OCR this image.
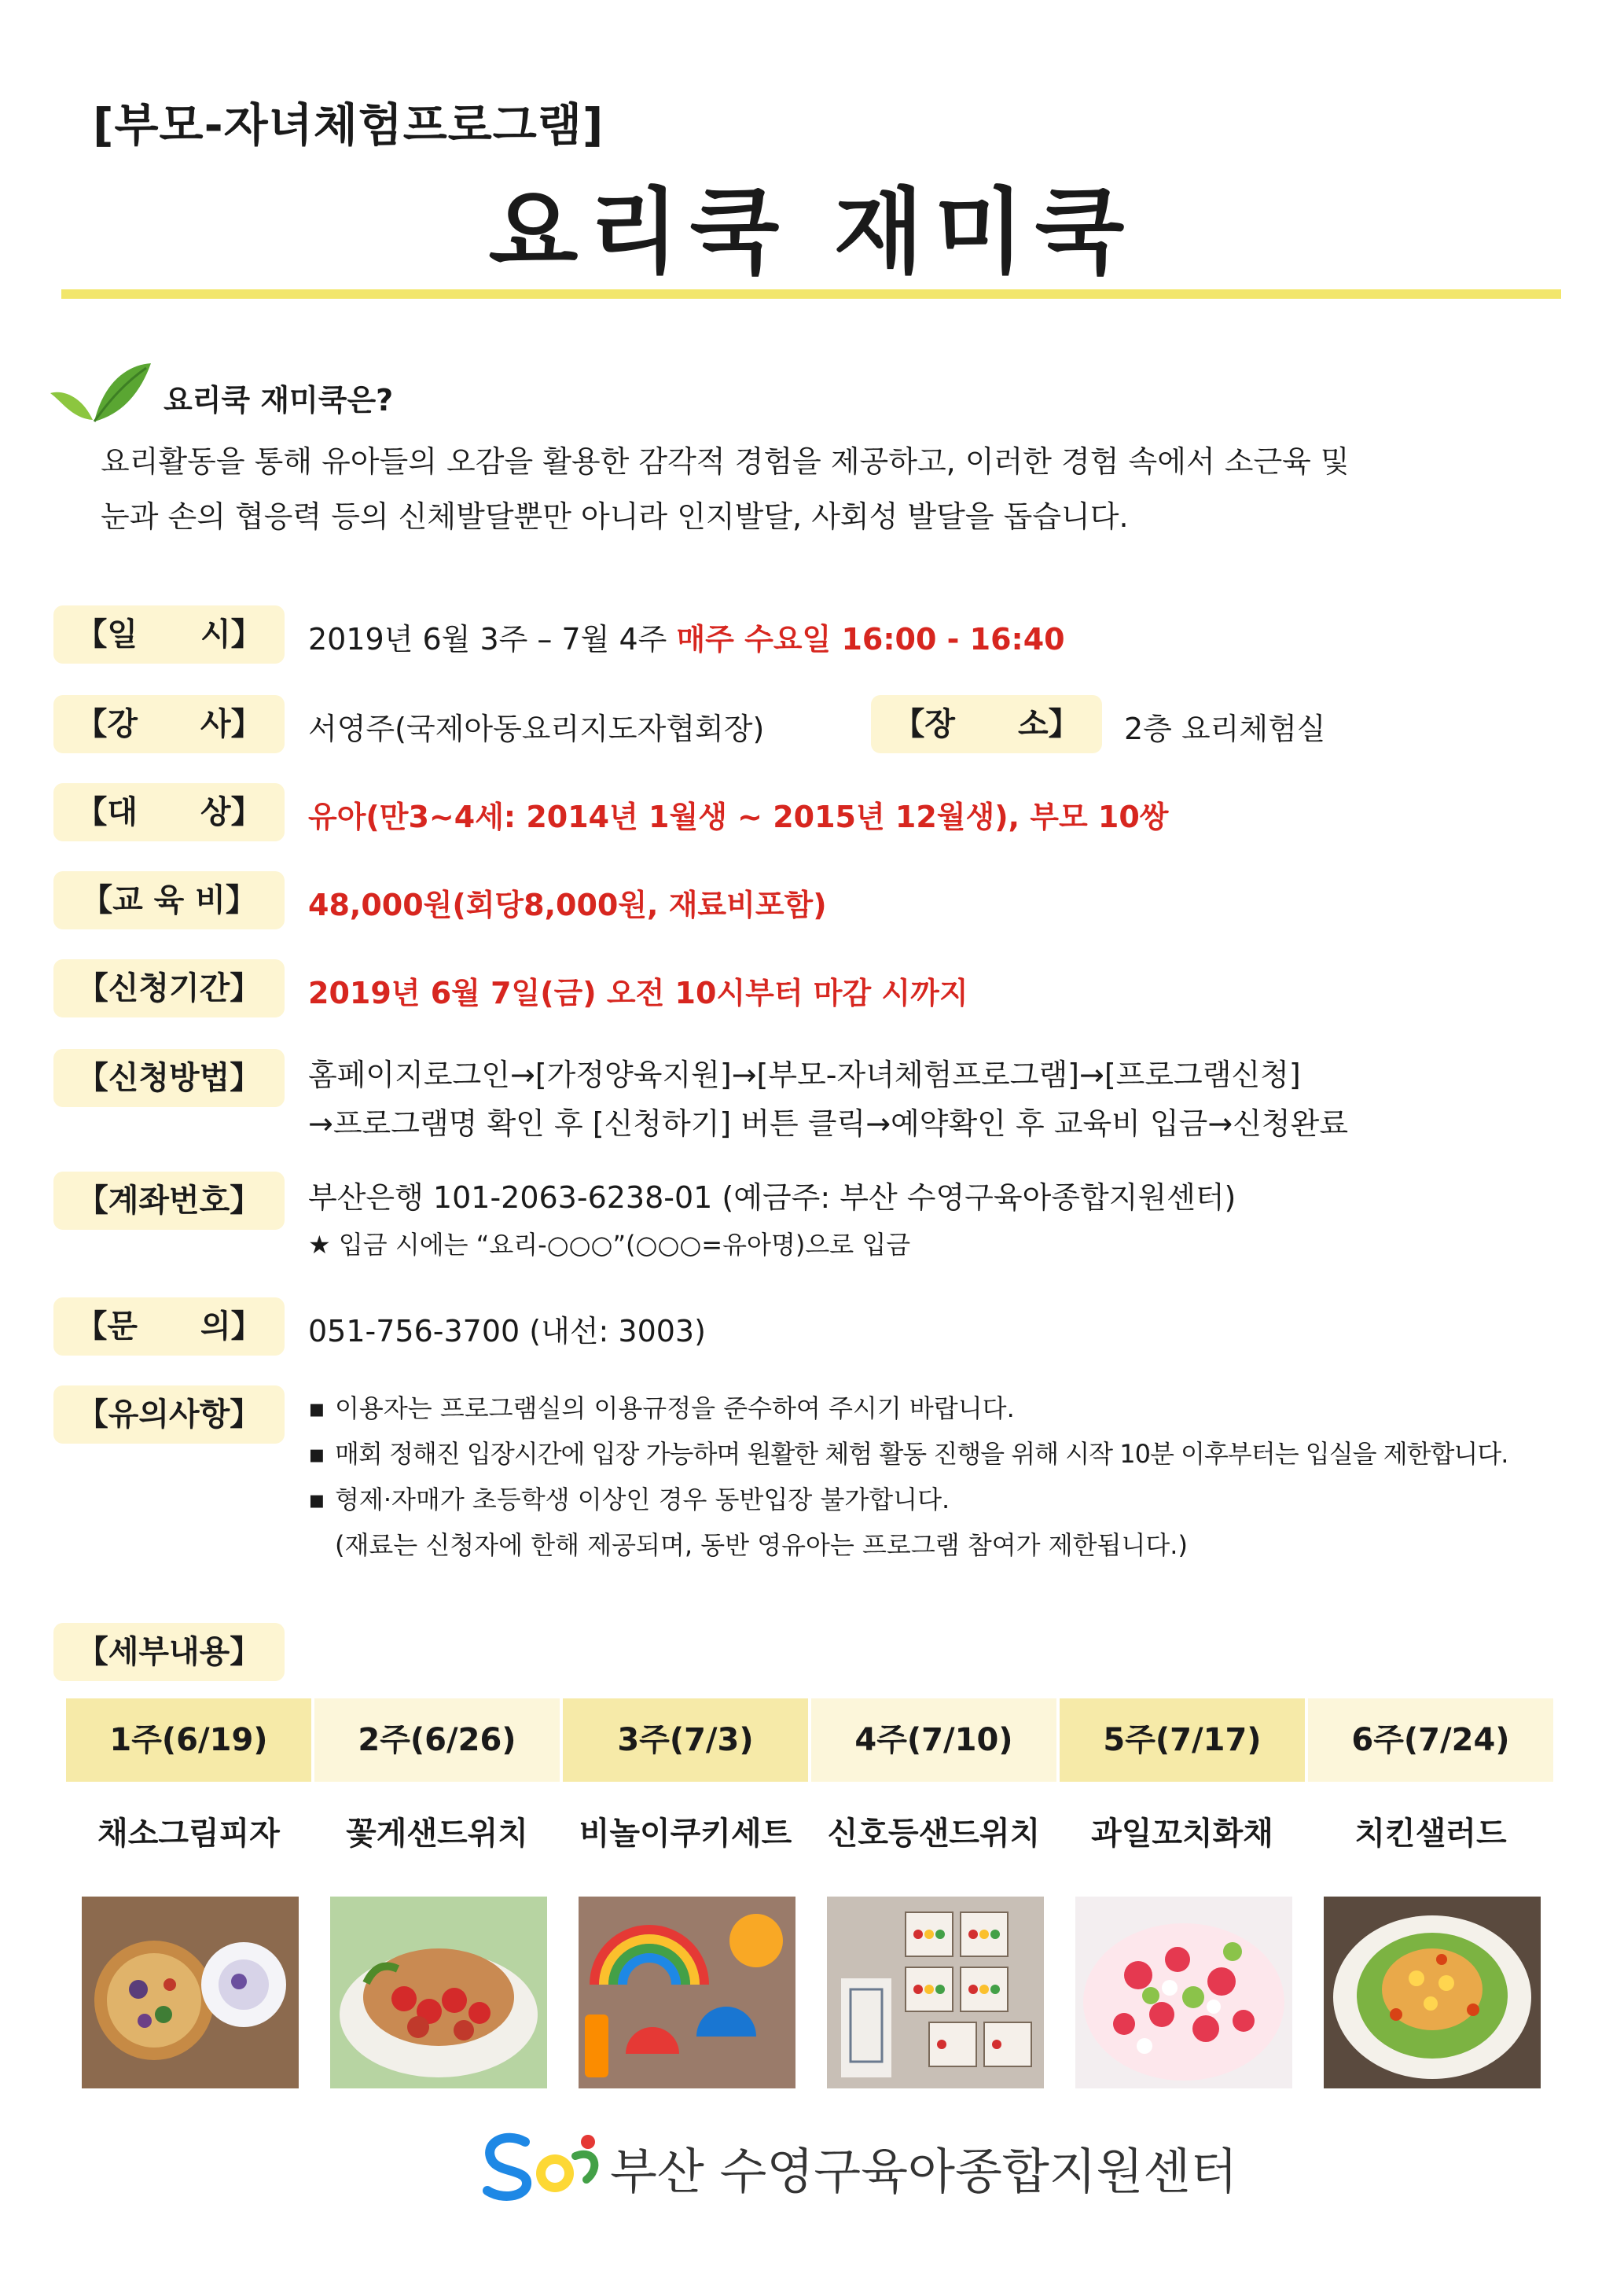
[부모-자녀체험프로그램]
요리쿡 재미쿡
요리쿡 재미쿡은?
요리활동을 통해 유아들의 오감을 활용한 감각적 경험을 제공하고, 이러한 경험 속에서 소근육 및
눈과 손의 협응력 등의 신체발달뿐만 아니라 인지발달, 사회성 발달을 돕습니다.
【일　　시】	2019년 6월 3주 – 7월 4주 매주 수요일 16:00 - 16:40
【강　　사】	서영주(국제아동요리지도자협회장)	【장　　소】	2층 요리체험실
【대　　상】	유아(만3~4세: 2014년 1월생 ~ 2015년 12월생), 부모 10쌍
【교 육 비】	48,000원(회당8,000원, 재료비포함)
【신청기간】	2019년 6월 7일(금) 오전 10시부터 마감 시까지
【신청방법】	홈페이지로그인→[가정양육지원]→[부모-자녀체험프로그램]→[프로그램신청]
→프로그램명 확인 후 [신청하기] 버튼 클릭→예약확인 후 교육비 입금→신청완료
【계좌번호】	부산은행 101-2063-6238-01 (예금주: 부산 수영구육아종합지원센터)
★ 입금 시에는 “요리-○○○”(○○○=유아명)으로 입금
【문　　의】	051-756-3700 (내선: 3003)
【유의사항】	▪ 이용자는 프로그램실의 이용규정을 준수하여 주시기 바랍니다.
▪ 매회 정해진 입장시간에 입장 가능하며 원활한 체험 활동 진행을 위해 시작 10분 이후부터는 입실을 제한합니다.
▪ 형제·자매가 초등학생 이상인 경우 동반입장 불가합니다.
(재료는 신청자에 한해 제공되며, 동반 영유아는 프로그램 참여가 제한됩니다.)
【세부내용】
1주(6/19)	2주(6/26)	3주(7/3)	4주(7/10)	5주(7/17)	6주(7/24)
채소그림피자	꽃게샌드위치	비놀이쿠키세트	신호등샌드위치	과일꼬치화채	치킨샐러드
부산 수영구육아종합지원센터
